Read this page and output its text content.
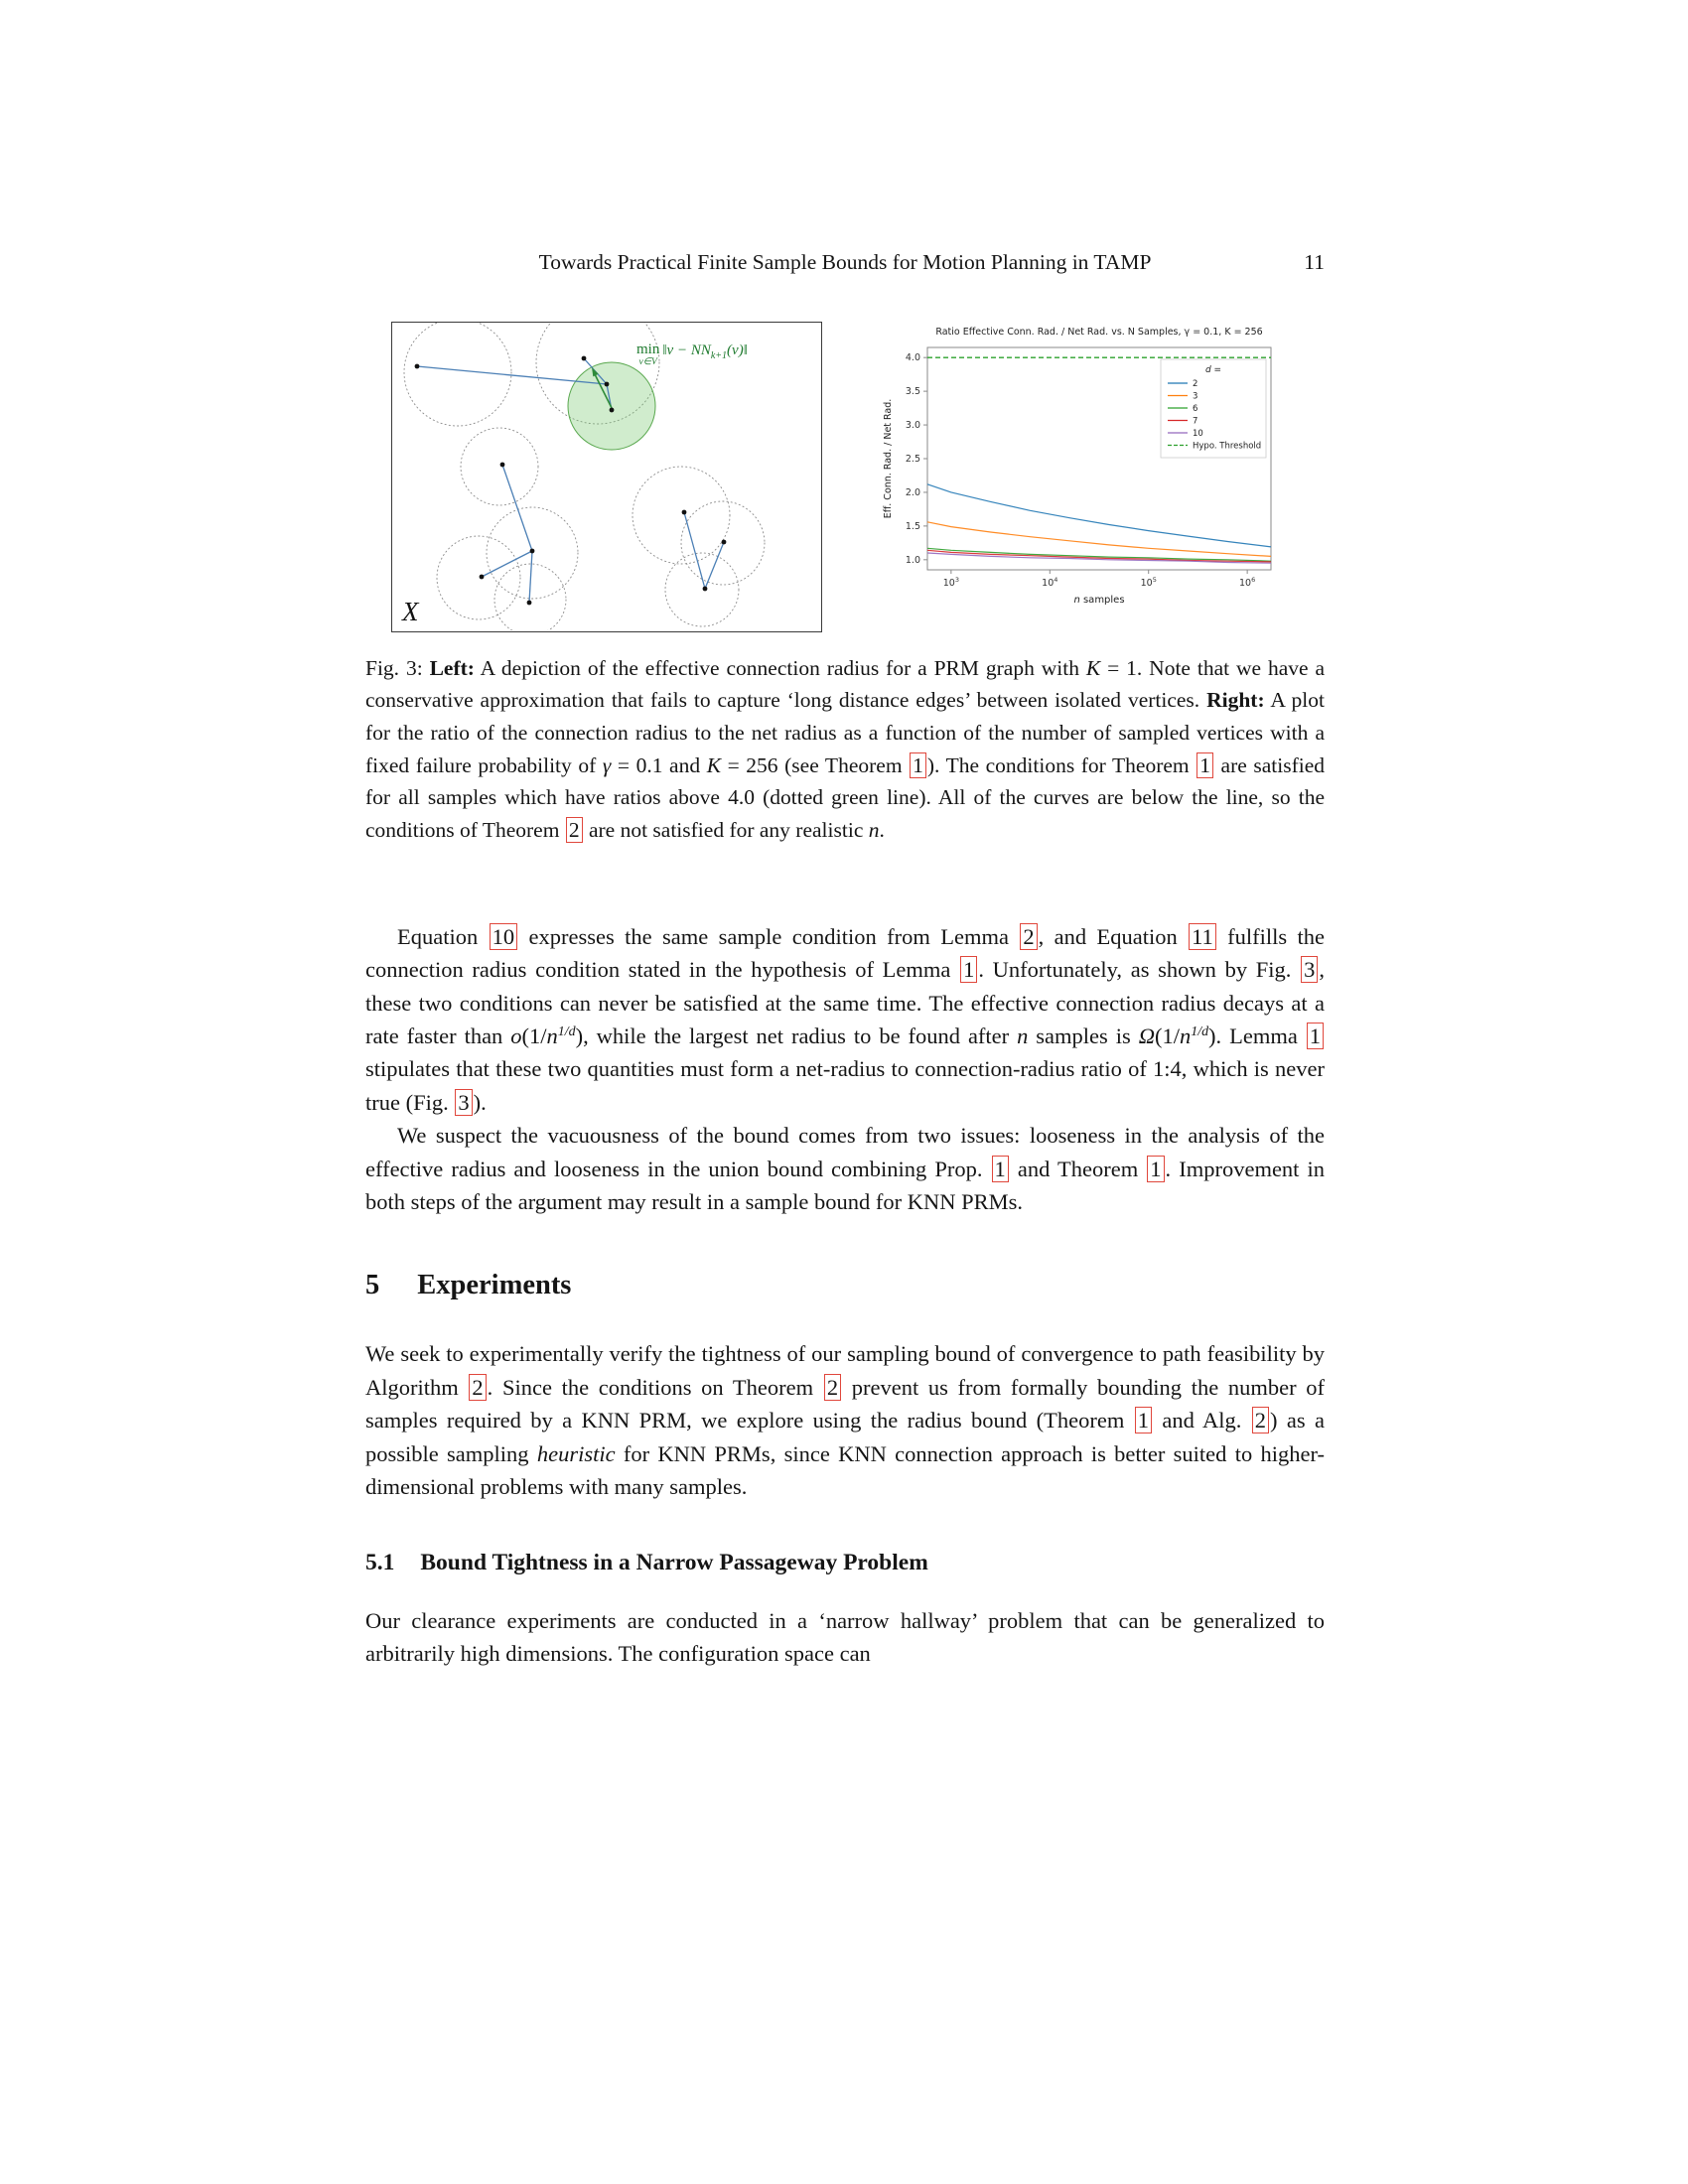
Towards Practical Finite Sample Bounds for Motion Planning in TAMP	11
min
v∈V
‖v − $NN_{k+1}(v)‖$
X
1.0
1.5
2.0
2.5
3.0
3.5
4.0
$10^3$	$10^4$	$10^5$	$10^6$
Ratio Effective Conn. Rad. / Net Rad. vs. N Samples, γ = 0.1, K = 256
n samples
Eff. Conn. Rad. / Net Rad.
d =
2
3
6
7
10
Hypo. Threshold
Fig. 3: Left: A depiction of the effective connection radius for a PRM graph with K = 1. Note that we have a conservative approximation that fails to capture ‘long distance edges’ between isolated vertices. Right: A plot for the ratio of the connection radius to the net radius as a function of the number of sampled vertices with a fixed failure probability of γ = 0.1 and K = 256 (see Theorem 1 ). The conditions for Theorem 1 are satisfied for all samples which have ratios above 4.0 (dotted green line). All of the curves are below the line, so the conditions of Theorem 2 are not satisfied for any realistic n.

Equation 10 expresses the same sample condition from Lemma 2 , and Equation 11 fulfills the connection radius condition stated in the hypothesis of Lemma 1 . Unfortunately, as shown by Fig. 3 , these two conditions can never be satisfied at the same time. The effective connection radius decays at a rate faster than $o(1/n^{1/d})$, while the largest net radius to be found after n samples is $\Omega(1/n^{1/d})$. Lemma 1 stipulates that these two quantities must form a net-radius to connection-radius ratio of 1:4, which is never true (Fig. 3 ).

We suspect the vacuousness of the bound comes from two issues: looseness in the analysis of the effective radius and looseness in the union bound combining Prop. 1 and Theorem 1 . Improvement in both steps of the argument may result in a sample bound for KNN PRMs.

5 Experiments

We seek to experimentally verify the tightness of our sampling bound of convergence to path feasibility by Algorithm 2 . Since the conditions on Theorem 2 prevent us from formally bounding the number of samples required by a KNN PRM, we explore using the radius bound (Theorem 1 and Alg. 2 ) as a possible sampling heuristic for KNN PRMs, since KNN connection approach is better suited to higher-dimensional problems with many samples.

5.1 Bound Tightness in a Narrow Passageway Problem

Our clearance experiments are conducted in a ‘narrow hallway’ problem that can be generalized to arbitrarily high dimensions. The configuration space can
